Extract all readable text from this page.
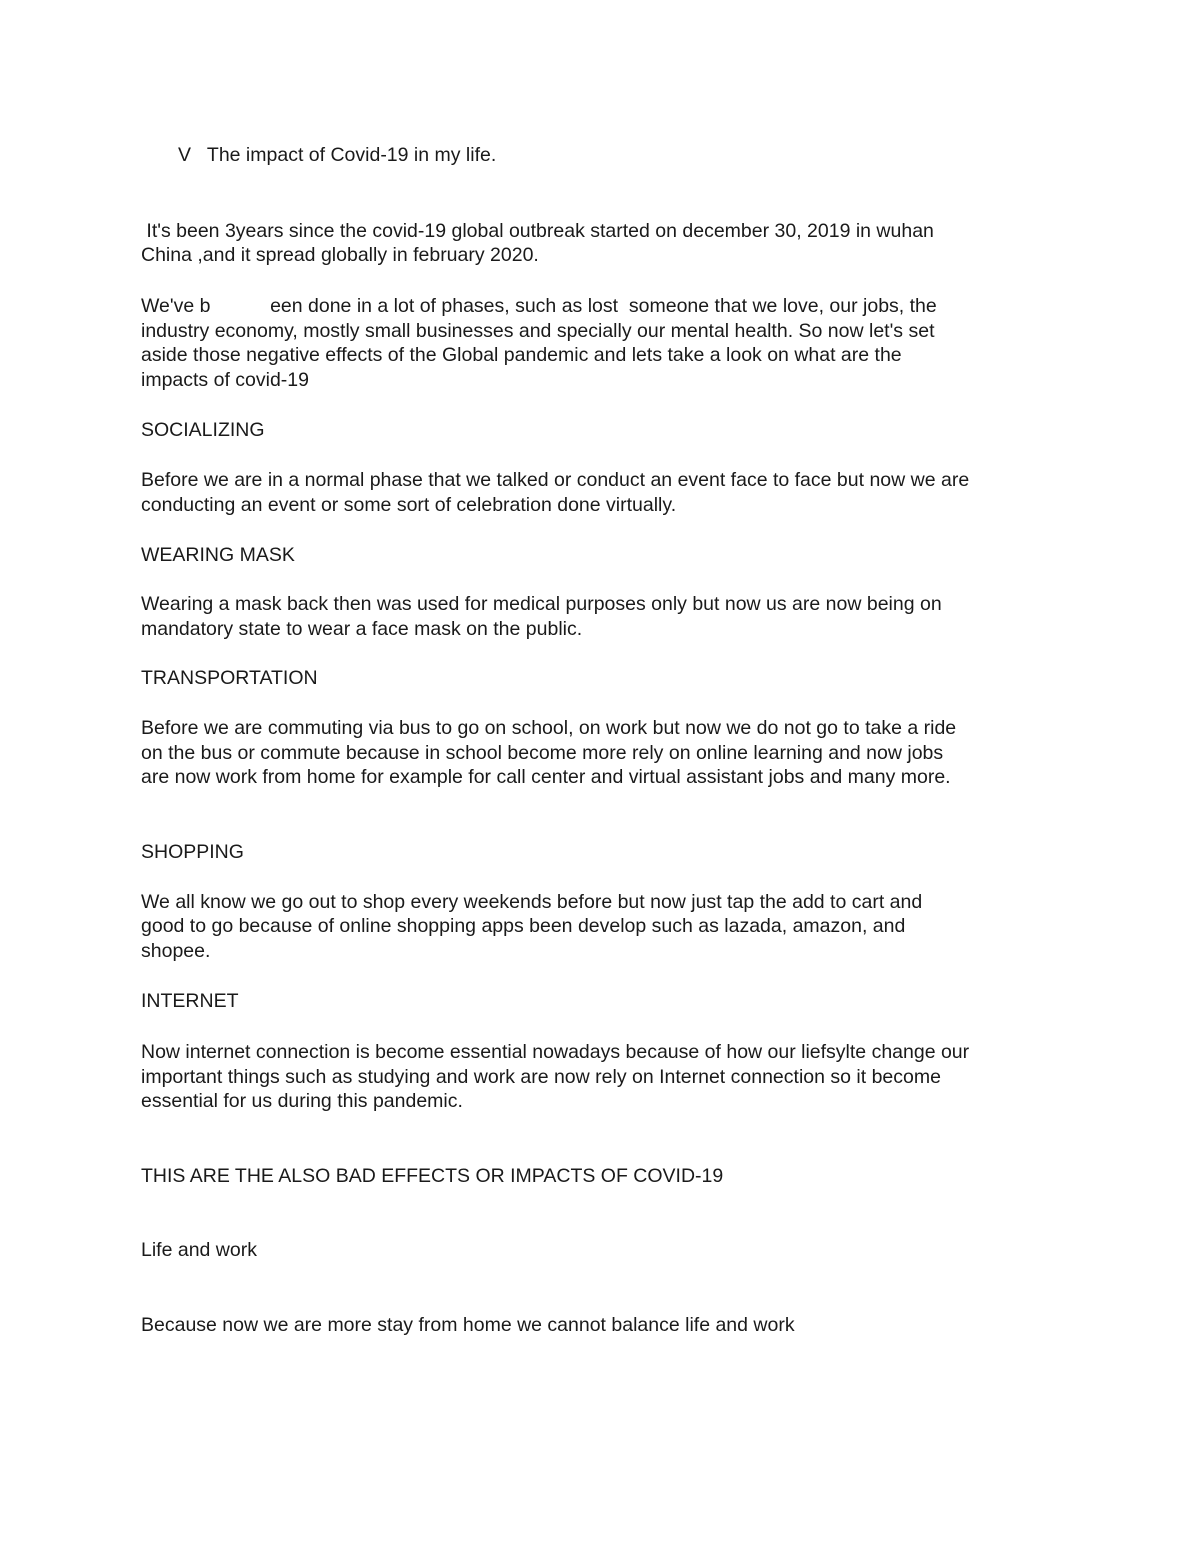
V   The impact of Covid-19 in my life.

It's been 3years since the covid-19 global outbreak started on december 30, 2019 in wuhan

China ,and it spread globally in february 2020.

We've b           een done in a lot of phases, such as lost  someone that we love, our jobs, the

industry economy, mostly small businesses and specially our mental health. So now let's set

aside those negative effects of the Global pandemic and lets take a look on what are the

impacts of covid-19

SOCIALIZING

Before we are in a normal phase that we talked or conduct an event face to face but now we are

conducting an event or some sort of celebration done virtually.

WEARING MASK

Wearing a mask back then was used for medical purposes only but now us are now being on

mandatory state to wear a face mask on the public.

TRANSPORTATION

Before we are commuting via bus to go on school, on work but now we do not go to take a ride

on the bus or commute because in school become more rely on online learning and now jobs

are now work from home for example for call center and virtual assistant jobs and many more.

SHOPPING

We all know we go out to shop every weekends before but now just tap the add to cart and

good to go because of online shopping apps been develop such as lazada, amazon, and

shopee.

INTERNET

Now internet connection is become essential nowadays because of how our liefsylte change our

important things such as studying and work are now rely on Internet connection so it become

essential for us during this pandemic.

THIS ARE THE ALSO BAD EFFECTS OR IMPACTS OF COVID-19

Life and work

Because now we are more stay from home we cannot balance life and work
